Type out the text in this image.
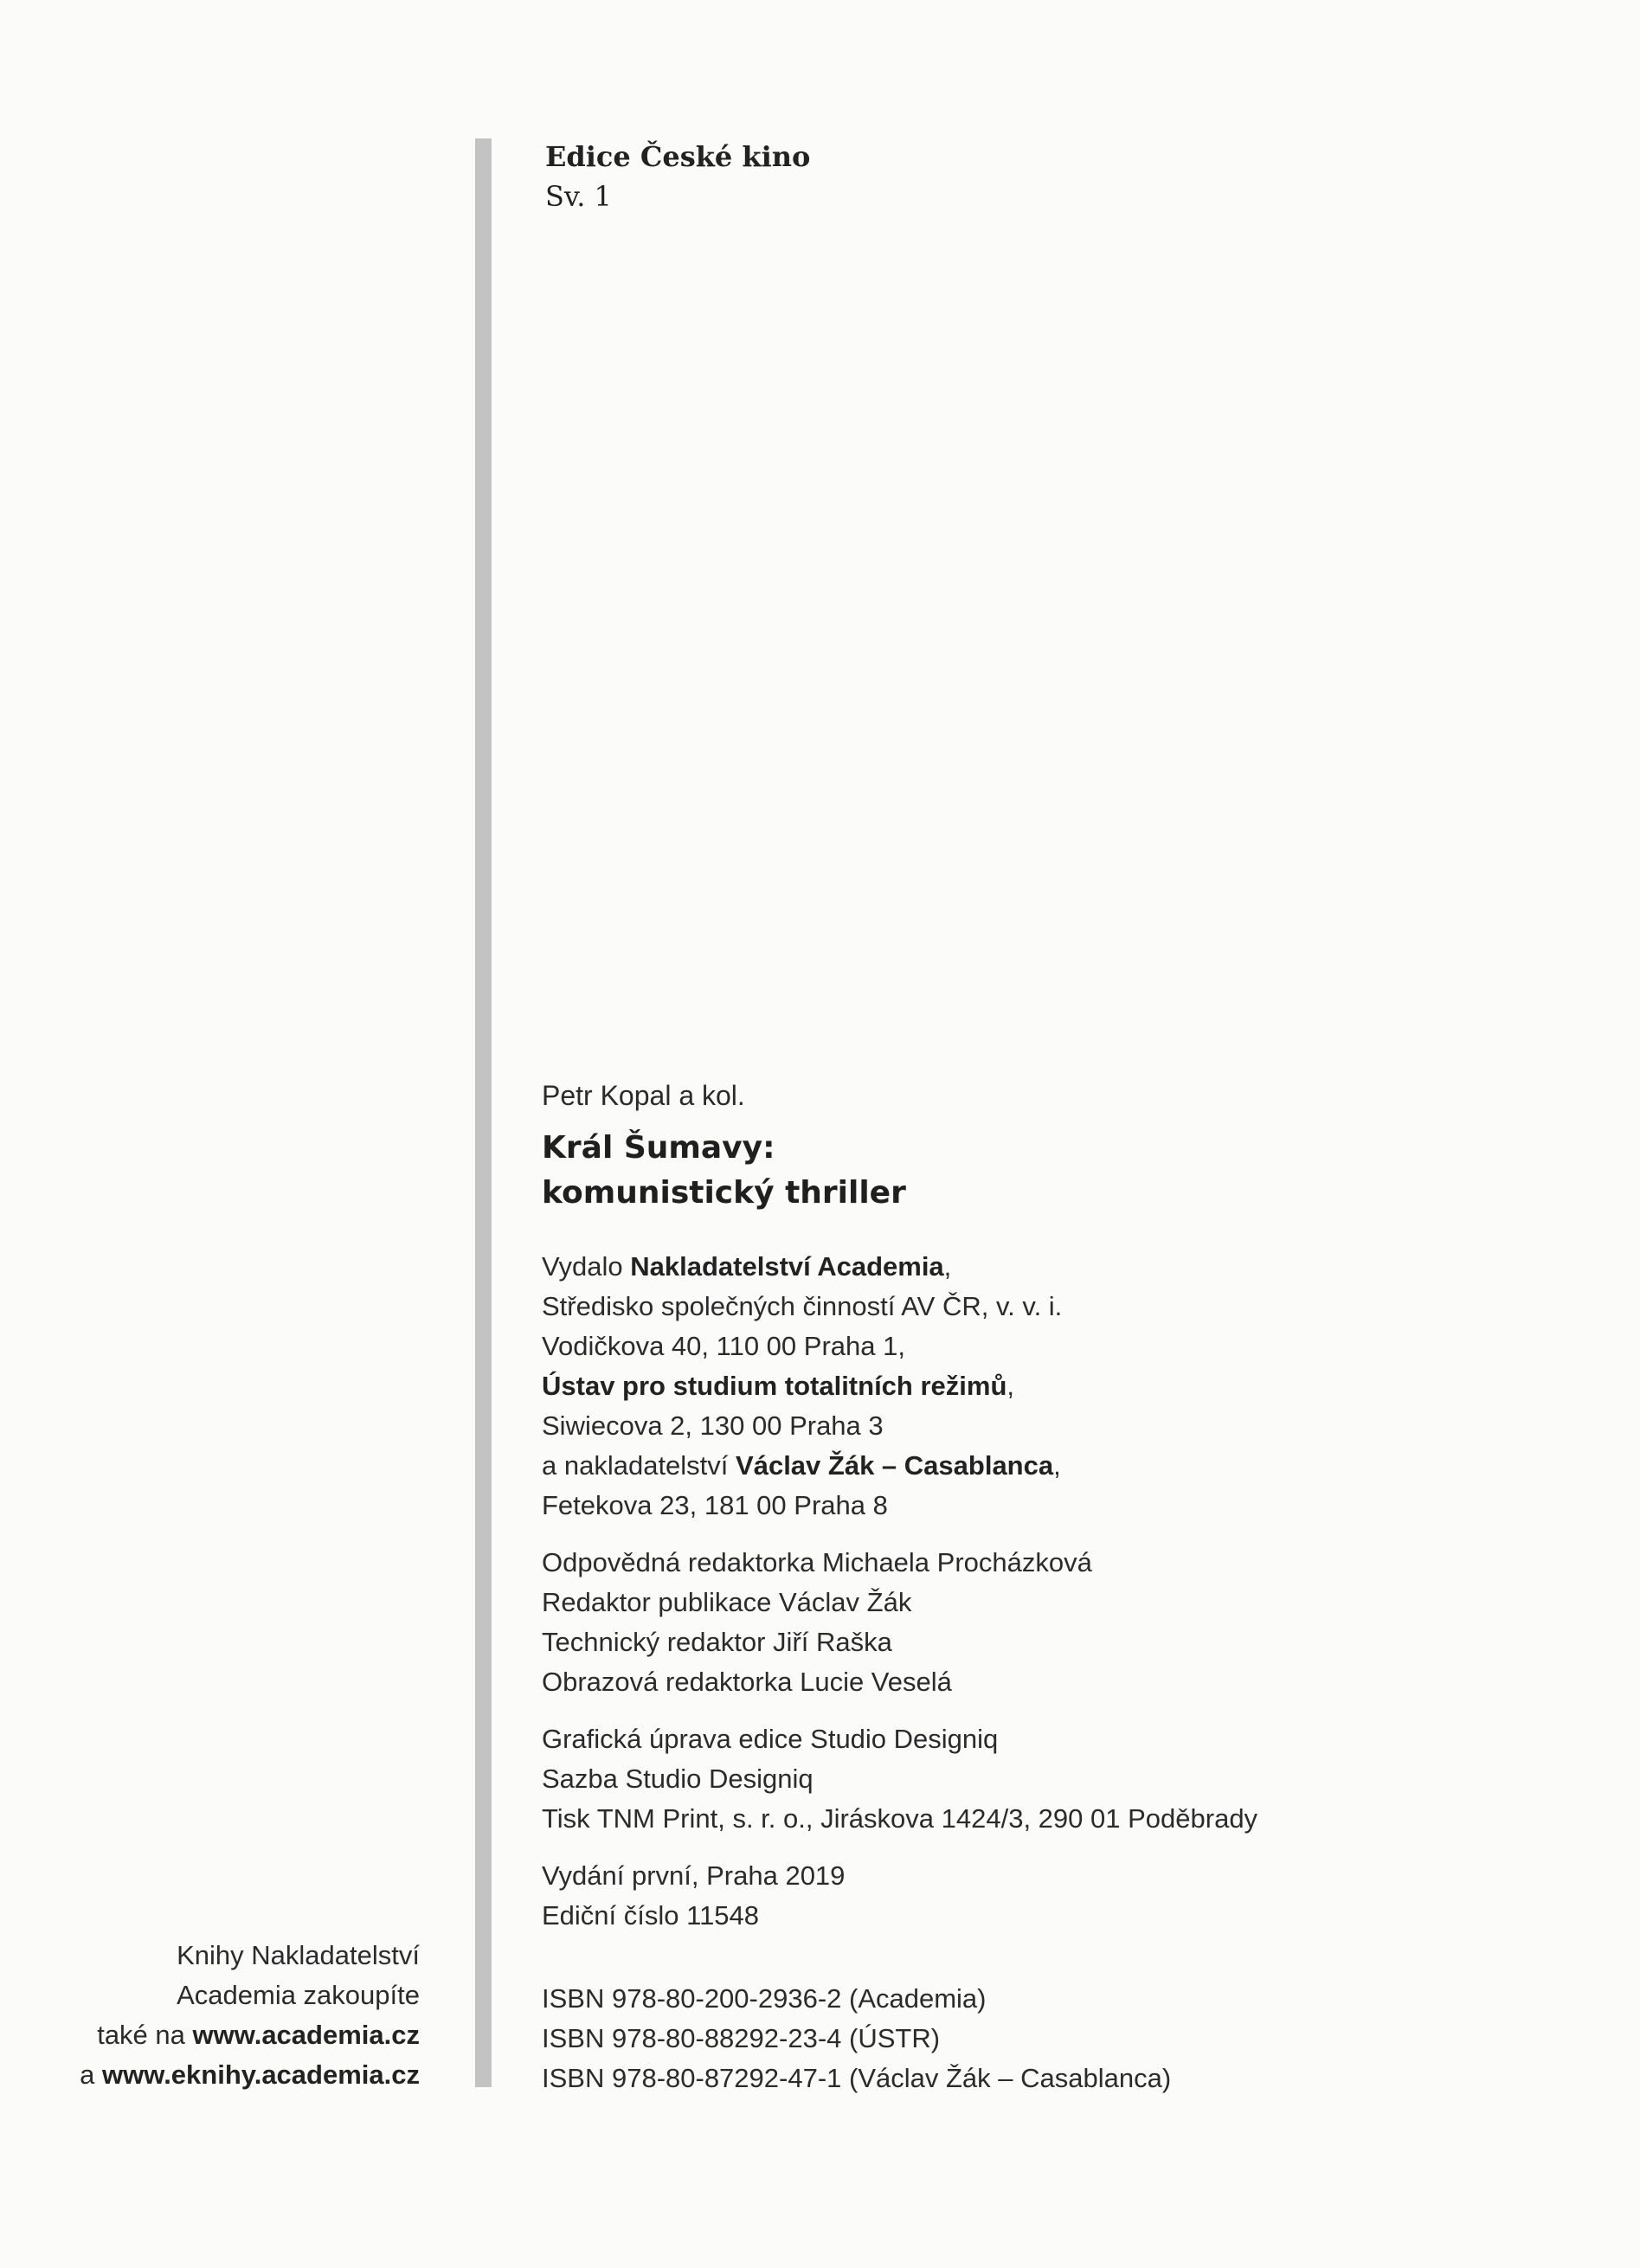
Edice České kino
Sv. 1
Petr Kopal a kol.
Král Šumavy:
komunistický thriller
Vydalo Nakladatelství Academia,
Středisko společných činností AV ČR, v. v. i.
Vodičkova 40, 110 00 Praha 1,
Ústav pro studium totalitních režimů,
Siwiecova 2, 130 00 Praha 3
a nakladatelství Václav Žák – Casablanca,
Fetekova 23, 181 00 Praha 8
Odpovědná redaktorka Michaela Procházková
Redaktor publikace Václav Žák
Technický redaktor Jiří Raška
Obrazová redaktorka Lucie Veselá
Grafická úprava edice Studio Designiq
Sazba Studio Designiq
Tisk TNM Print, s. r. o., Jiráskova 1424/3, 290 01 Poděbrady
Vydání první, Praha 2019
Ediční číslo 11548
ISBN 978-80-200-2936-2 (Academia)
ISBN 978-80-88292-23-4 (ÚSTR)
ISBN 978-80-87292-47-1 (Václav Žák – Casablanca)
Knihy Nakladatelství
Academia zakoupíte
také na www.academia.cz
a www.eknihy.academia.cz
